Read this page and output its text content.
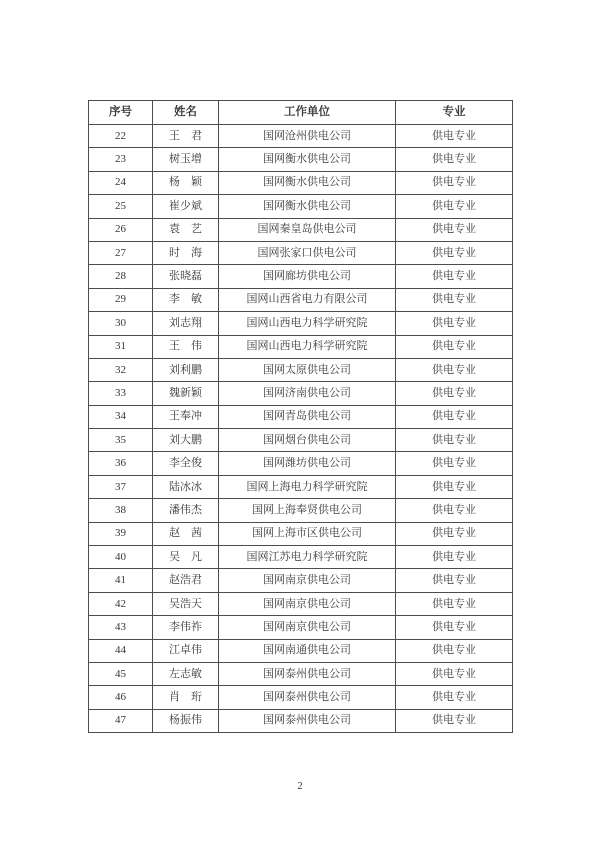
序号	姓名	工作单位	专业
22	王　君	国网沧州供电公司	供电专业
23	树玉增	国网衡水供电公司	供电专业
24	杨　颖	国网衡水供电公司	供电专业
25	崔少斌	国网衡水供电公司	供电专业
26	袁　艺	国网秦皇岛供电公司	供电专业
27	时　海	国网张家口供电公司	供电专业
28	张晓磊	国网廊坊供电公司	供电专业
29	李　敏	国网山西省电力有限公司	供电专业
30	刘志翔	国网山西电力科学研究院	供电专业
31	王　伟	国网山西电力科学研究院	供电专业
32	刘利鹏	国网太原供电公司	供电专业
33	魏新颖	国网济南供电公司	供电专业
34	王奉冲	国网青岛供电公司	供电专业
35	刘大鹏	国网烟台供电公司	供电专业
36	李全俊	国网潍坊供电公司	供电专业
37	陆冰冰	国网上海电力科学研究院	供电专业
38	潘伟杰	国网上海奉贤供电公司	供电专业
39	赵　茜	国网上海市区供电公司	供电专业
40	吴　凡	国网江苏电力科学研究院	供电专业
41	赵浩君	国网南京供电公司	供电专业
42	吴浩天	国网南京供电公司	供电专业
43	李伟祚	国网南京供电公司	供电专业
44	江卓伟	国网南通供电公司	供电专业
45	左志敏	国网泰州供电公司	供电专业
46	肖　珩	国网泰州供电公司	供电专业
47	杨振伟	国网泰州供电公司	供电专业
2
